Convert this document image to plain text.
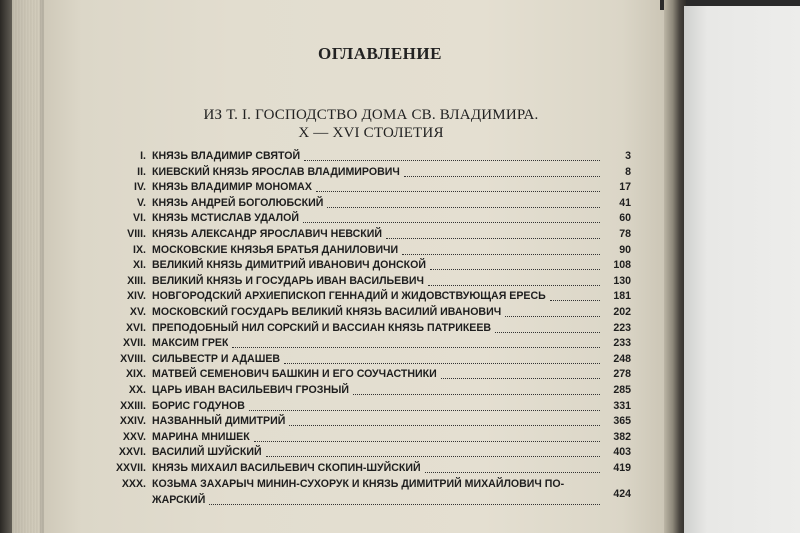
ОГЛАВЛЕНИЕ
ИЗ Т. I. ГОСПОДСТВО ДОМА СВ. ВЛАДИМИРА.
X — XVI СТОЛЕТИЯ
I. КНЯЗЬ ВЛАДИМИР СВЯТОЙ	3
II. КИЕВСКИЙ КНЯЗЬ ЯРОСЛАВ ВЛАДИМИРОВИЧ	8
IV. КНЯЗЬ ВЛАДИМИР МОНОМАХ	17
V. КНЯЗЬ АНДРЕЙ БОГОЛЮБСКИЙ	41
VI. КНЯЗЬ МСТИСЛАВ УДАЛОЙ	60
VIII. КНЯЗЬ АЛЕКСАНДР ЯРОСЛАВИЧ НЕВСКИЙ	78
IX. МОСКОВСКИЕ КНЯЗЬЯ БРАТЬЯ ДАНИЛОВИЧИ	90
XI. ВЕЛИКИЙ КНЯЗЬ ДИМИТРИЙ ИВАНОВИЧ ДОНСКОЙ	108
XIII. ВЕЛИКИЙ КНЯЗЬ И ГОСУДАРЬ ИВАН ВАСИЛЬЕВИЧ	130
XIV. НОВГОРОДСКИЙ АРХИЕПИСКОП ГЕННАДИЙ И ЖИДОВСТВУЮЩАЯ ЕРЕСЬ	181
XV. МОСКОВСКИЙ ГОСУДАРЬ ВЕЛИКИЙ КНЯЗЬ ВАСИЛИЙ ИВАНОВИЧ	202
XVI. ПРЕПОДОБНЫЙ НИЛ СОРСКИЙ И ВАССИАН КНЯЗЬ ПАТРИКЕЕВ	223
XVII. МАКСИМ ГРЕК	233
XVIII. СИЛЬВЕСТР И АДАШЕВ	248
XIX. МАТВЕЙ СЕМЕНОВИЧ БАШКИН И ЕГО СОУЧАСТНИКИ	278
XX. ЦАРЬ ИВАН ВАСИЛЬЕВИЧ ГРОЗНЫЙ	285
XXIII. БОРИС ГОДУНОВ	331
XXIV. НАЗВАННЫЙ ДИМИТРИЙ	365
XXV. МАРИНА МНИШЕК	382
XXVI. ВАСИЛИЙ ШУЙСКИЙ	403
XXVII. КНЯЗЬ МИХАИЛ ВАСИЛЬЕВИЧ СКОПИН-ШУЙСКИЙ	419
XXX. КОЗЬМА ЗАХАРЫЧ МИНИН-СУХОРУК И КНЯЗЬ ДИМИТРИЙ МИХАЙЛОВИЧ ПО-
ЖАРСКИЙ	424
